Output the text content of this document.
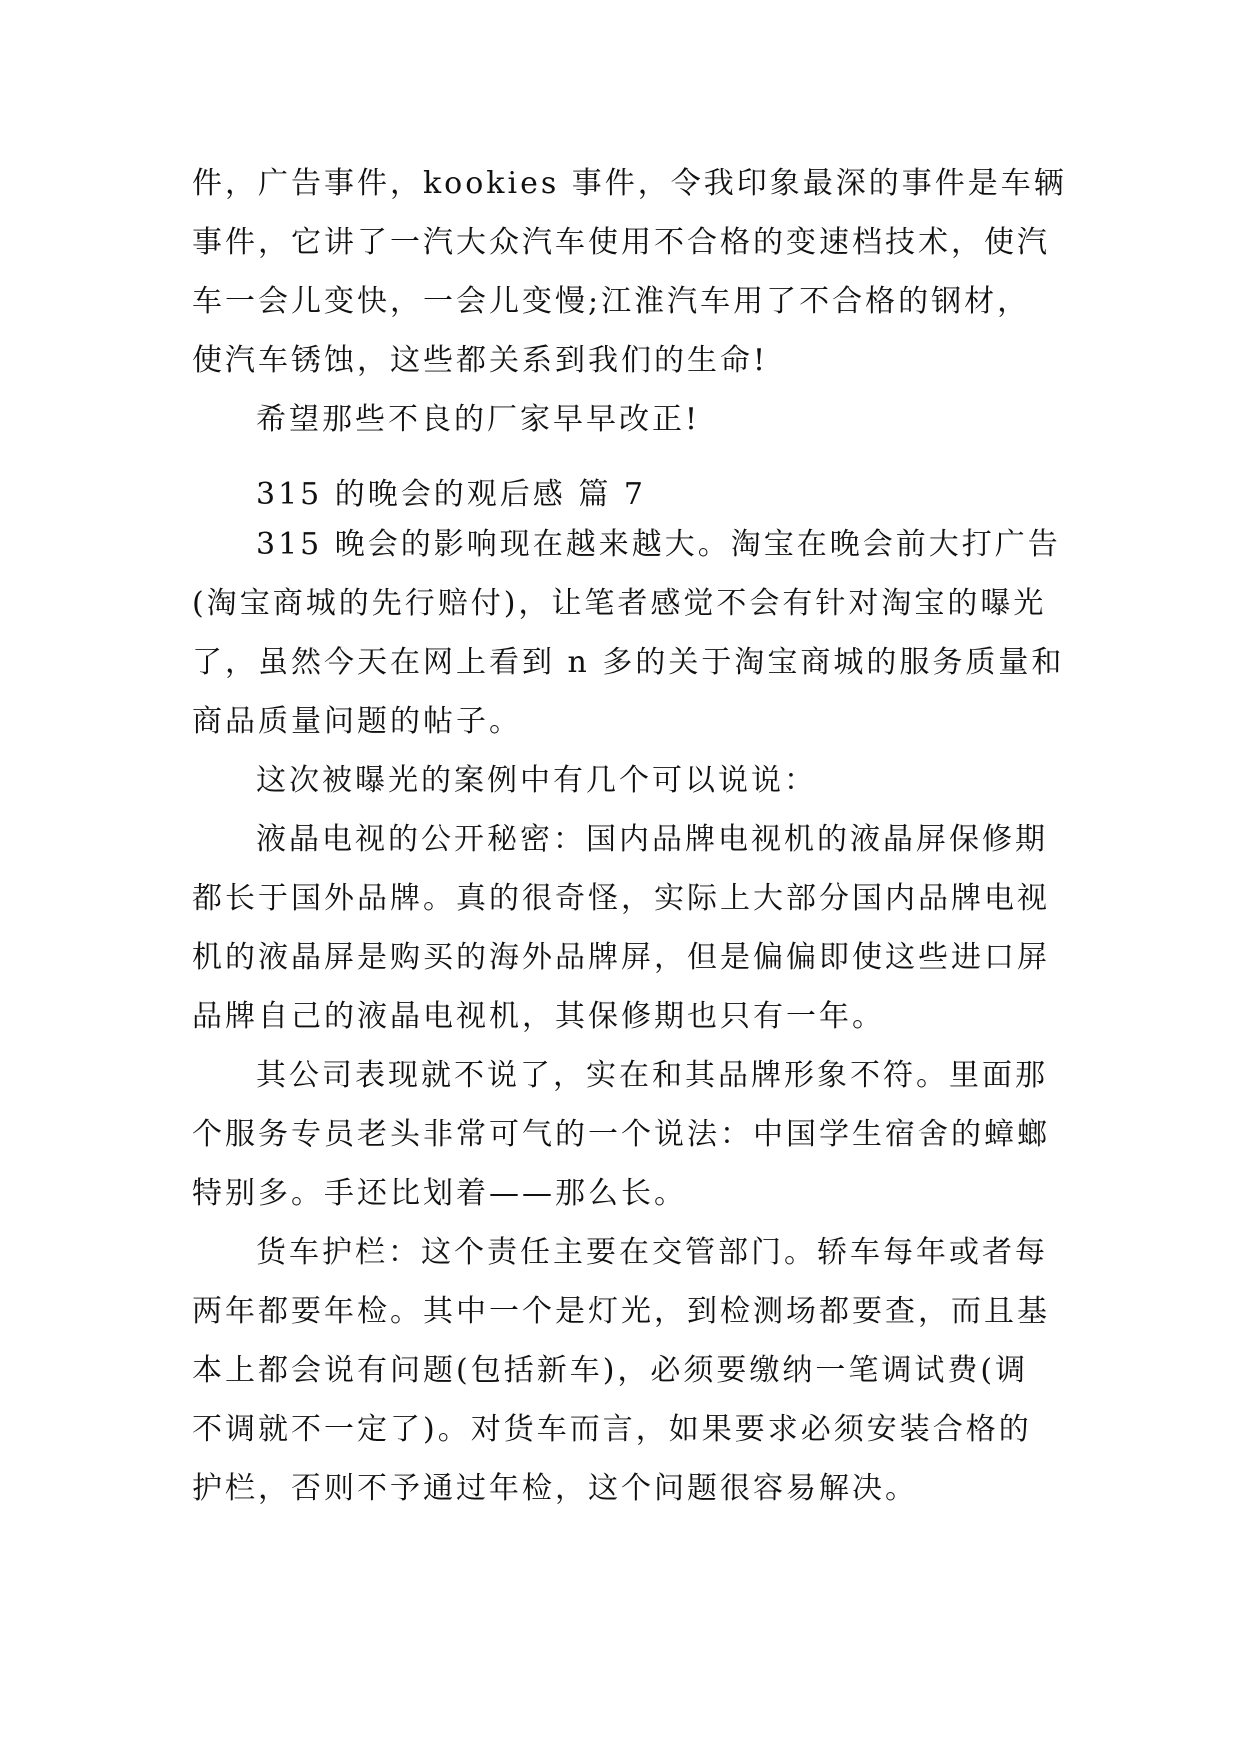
件，广告事件，kookies 事件，令我印象最深的事件是车辆
事件，它讲了一汽大众汽车使用不合格的变速档技术，使汽
车一会儿变快，一会儿变慢;江淮汽车用了不合格的钢材，
使汽车锈蚀，这些都关系到我们的生命!
希望那些不良的厂家早早改正!
315 的晚会的观后感 篇 7
315 晚会的影响现在越来越大。淘宝在晚会前大打广告
(淘宝商城的先行赔付)，让笔者感觉不会有针对淘宝的曝光
了，虽然今天在网上看到 n 多的关于淘宝商城的服务质量和
商品质量问题的帖子。
这次被曝光的案例中有几个可以说说：
液晶电视的公开秘密：国内品牌电视机的液晶屏保修期
都长于国外品牌。真的很奇怪，实际上大部分国内品牌电视
机的液晶屏是购买的海外品牌屏，但是偏偏即使这些进口屏
品牌自己的液晶电视机，其保修期也只有一年。
其公司表现就不说了，实在和其品牌形象不符。里面那
个服务专员老头非常可气的一个说法：中国学生宿舍的蟑螂
特别多。手还比划着——那么长。
货车护栏：这个责任主要在交管部门。轿车每年或者每
两年都要年检。其中一个是灯光，到检测场都要查，而且基
本上都会说有问题(包括新车)，必须要缴纳一笔调试费(调
不调就不一定了)。对货车而言，如果要求必须安装合格的
护栏，否则不予通过年检，这个问题很容易解决。
